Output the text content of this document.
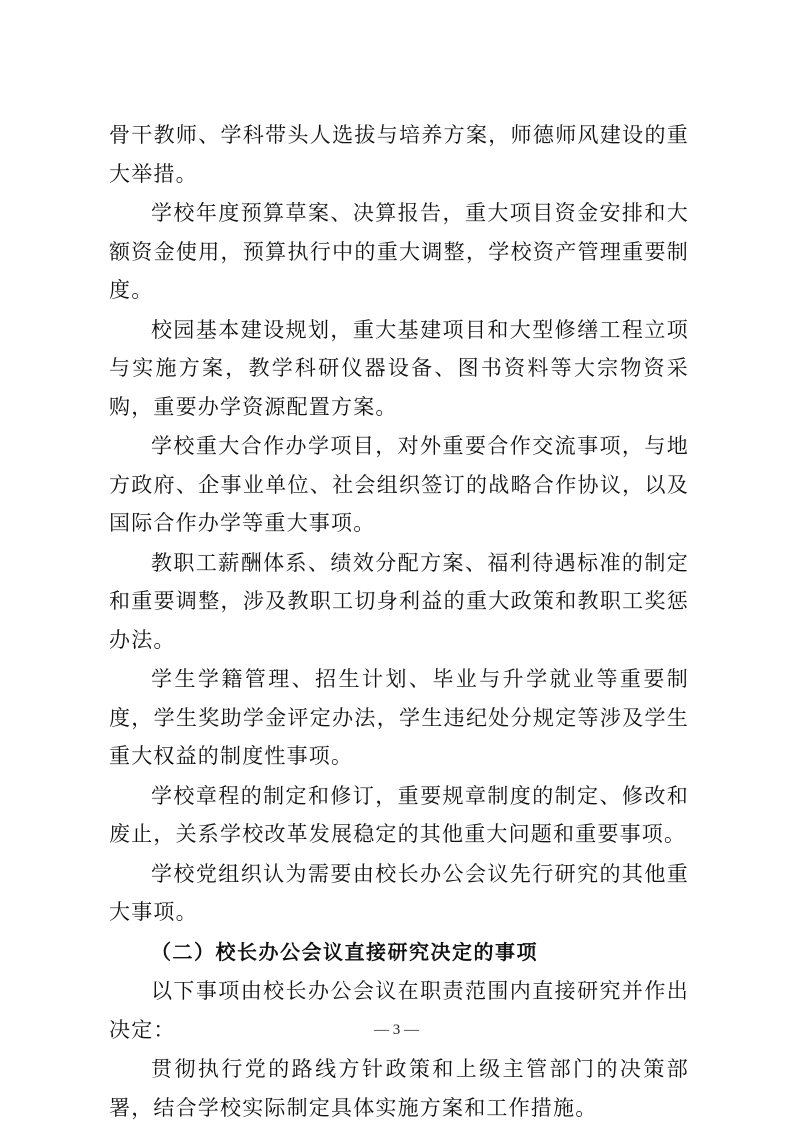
骨干教师、学科带头人选拔与培养方案，师德师风建设的重大举措。

学校年度预算草案、决算报告，重大项目资金安排和大额资金使用，预算执行中的重大调整，学校资产管理重要制度。

校园基本建设规划，重大基建项目和大型修缮工程立项与实施方案，教学科研仪器设备、图书资料等大宗物资采购，重要办学资源配置方案。

学校重大合作办学项目，对外重要合作交流事项，与地方政府、企事业单位、社会组织签订的战略合作协议，以及国际合作办学等重大事项。

教职工薪酬体系、绩效分配方案、福利待遇标准的制定和重要调整，涉及教职工切身利益的重大政策和教职工奖惩办法。

学生学籍管理、招生计划、毕业与升学就业等重要制度，学生奖助学金评定办法，学生违纪处分规定等涉及学生重大权益的制度性事项。

学校章程的制定和修订，重要规章制度的制定、修改和废止，关系学校改革发展稳定的其他重大问题和重要事项。

学校党组织认为需要由校长办公会议先行研究的其他重大事项。

（二）校长办公会议直接研究决定的事项

以下事项由校长办公会议在职责范围内直接研究并作出决定：

贯彻执行党的路线方针政策和上级主管部门的决策部署，结合学校实际制定具体实施方案和工作措施。

— 3 —
